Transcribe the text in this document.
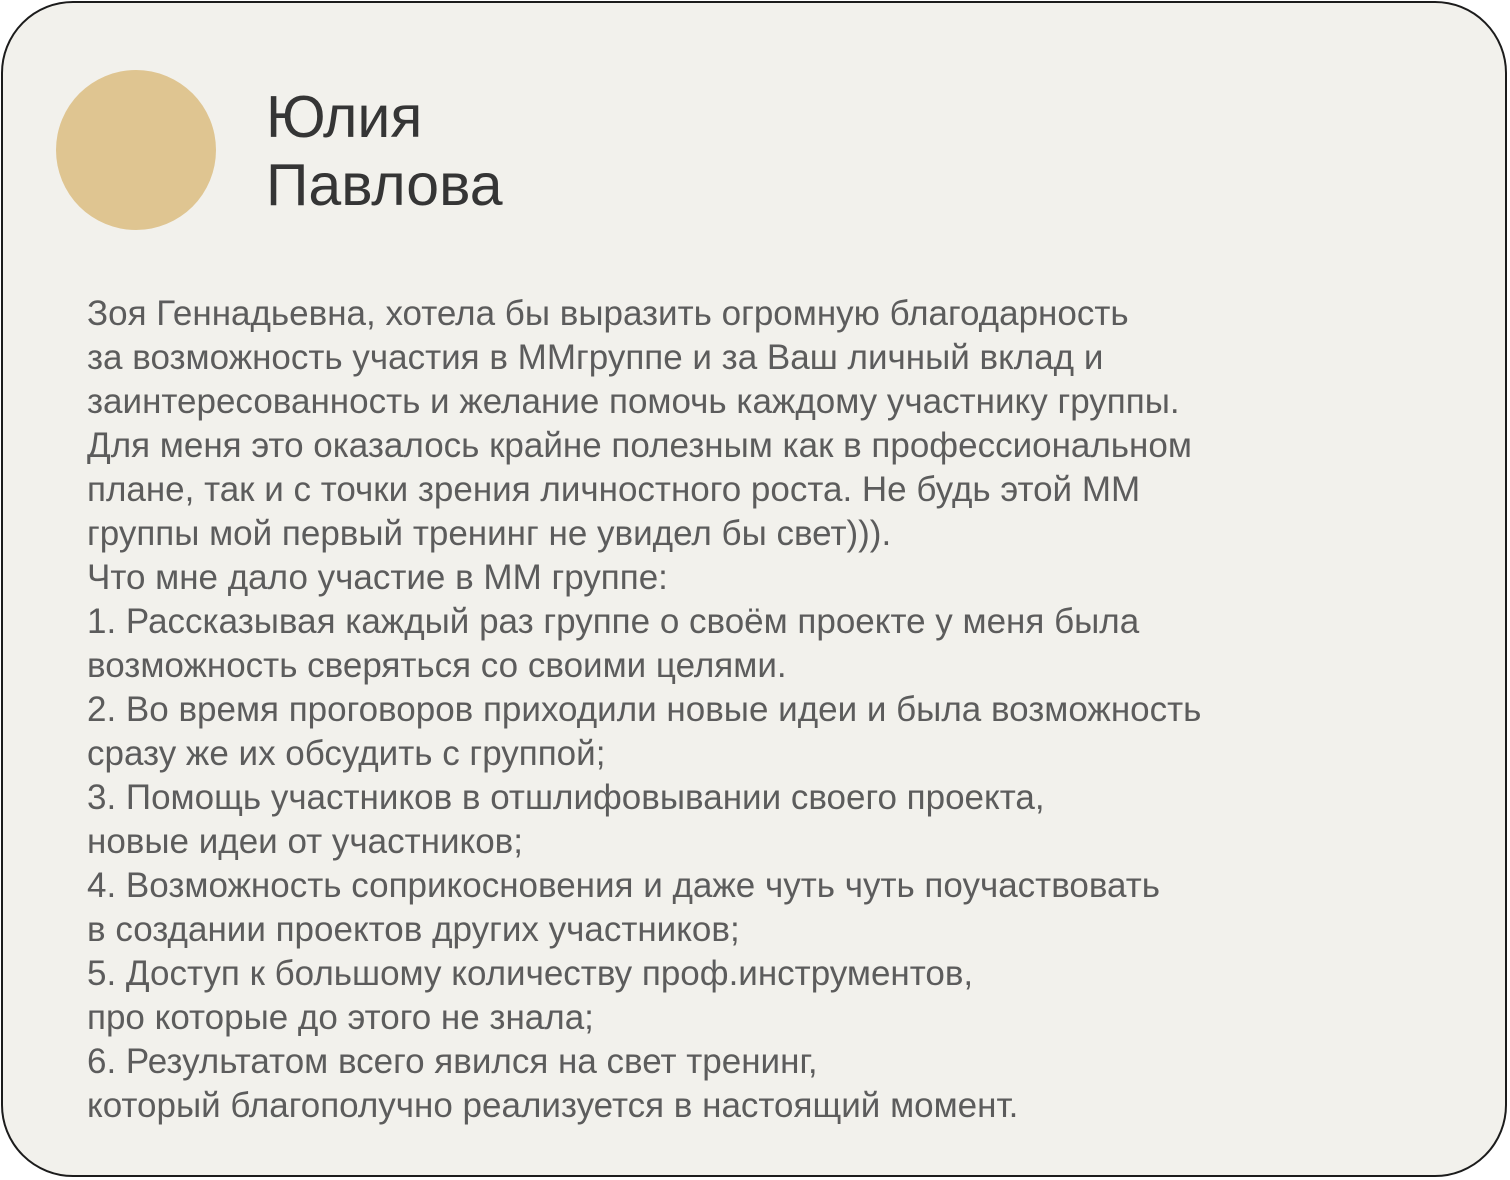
Юлия
Павлова

Зоя Геннадьевна, хотела бы выразить огромную благодарность
за возможность участия в ММгруппе и за Ваш личный вклад и
заинтересованность и желание помочь каждому участнику группы.
Для меня это оказалось крайне полезным как в профессиональном
плане, так и с точки зрения личностного роста. Не будь этой ММ
группы мой первый тренинг не увидел бы свет))).
Что мне дало участие в ММ группе:
1. Рассказывая каждый раз группе о своём проекте у меня была
возможность сверяться со своими целями.
2. Во время проговоров приходили новые идеи и была возможность
сразу же их обсудить с группой;
3. Помощь участников в отшлифовывании своего проекта,
новые идеи от участников;
4. Возможность соприкосновения и даже чуть чуть поучаствовать
в создании проектов других участников;
5. Доступ к большому количеству проф.инструментов,
про которые до этого не знала;
6. Результатом всего явился на свет тренинг,
который благополучно реализуется в настоящий момент.
